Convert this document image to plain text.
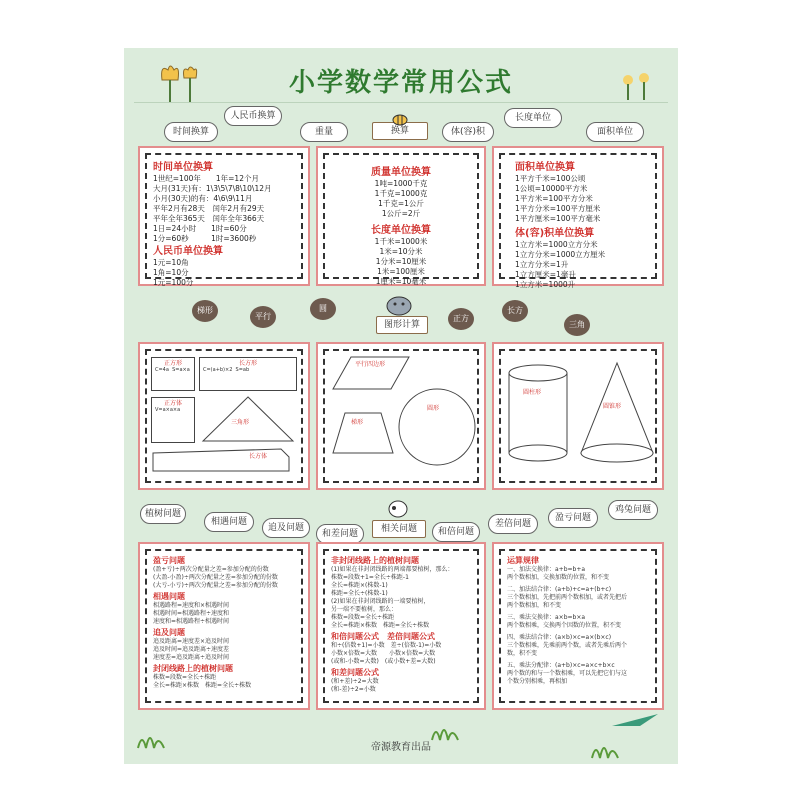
小学数学常用公式
人民币换算
时间换算	重量	换算	体(容)积
长度单位
面积单位
时间单位换算
1世纪=100年　　1年=12个月
大月(31天)有：1\3\5\7\8\10\12月
小月(30天)的有：4\6\9\11月
平年2月有28天　闰年2月有29天
平年全年365天　闰年全年366天
1日=24小时　　1时=60分
1分=60秒　　　1时=3600秒
人民币单位换算
1元=10角
1角=10分
1元=100分
质量单位换算
1吨=1000千克
1千克=1000克
1千克=1公斤
1公斤=2斤
长度单位换算
1千米=1000米
1米=10分米
1分米=10厘米
1米=100厘米
1厘米=10毫米
面积单位换算
1平方千米=100公顷
1公顷=10000平方米
1平方米=100平方分米
1平方分米=100平方厘米
1平方厘米=100平方毫米
体(容)积单位换算
1立方米=1000立方分米
1立方分米=1000立方厘米
1立方分米=1升
1立方厘米=1毫升
1立方米=1000升
梯形
平行
圆
图形计算
正方
长方
三角
正方形
C=4a  S=a×a
长方形
C=(a+b)×2  S=ab
正方体
V=a×a×a
三角形
长方体
平行四边形
梯形
圆形
圆柱形
圆锥形
植树问题
相遇问题
追及问题
和差问题	相关问题	和倍问题
差倍问题
盈亏问题
鸡兔问题
盈亏问题
(盈+亏)÷两次分配量之差=参加分配的份数
(大盈-小盈)÷两次分配量之差=参加分配的份数
(大亏-小亏)÷两次分配量之差=参加分配的份数
相遇问题
相遇路程=速度和×相遇时间
相遇时间=相遇路程÷速度和
速度和=相遇路程÷相遇时间
追及问题
追及距离=速度差×追及时间
追及时间=追及距离÷速度差
速度差=追及距离÷追及时间
封闭线路上的植树问题
株数=段数=全长÷株距
全长=株距×株数　株距=全长÷株数
非封闭线路上的植树问题
(1)如果在非封闭线路的两端都要植树，那么：
株数=段数+1=全长÷株距-1
全长=株距×(株数-1)
株距=全长÷(株数-1)
(2)如果在非封闭线路的一端要植树，
另一端不要植树，那么：
株数=段数=全长÷株距
全长=株距×株数　株距=全长÷株数
和倍问题公式　差倍问题公式
和÷(倍数+1)=小数　差÷(倍数-1)=小数
小数×倍数=大数　　小数×倍数=大数
(或和-小数=大数)　(或小数+差=大数)
和差问题公式
(和+差)÷2=大数
(和-差)÷2=小数
运算规律
一、加法交换律：a+b=b+a
两个数相加，交换加数的位置，和不变
二、加法结合律：(a+b)+c=a+(b+c)
三个数相加，先把前两个数相加，或者先把后
两个数相加，和不变
三、乘法交换律：a×b=b×a
两个数相乘，交换两个因数的位置，积不变
四、乘法结合律：(a×b)×c=a×(b×c)
三个数相乘，先乘前两个数，或者先乘后两个
数，积不变
五、乘法分配律：(a+b)×c=a×c+b×c
两个数的和与一个数相乘，可以先把它们与这
个数分别相乘，再相加
帝源教育出品
